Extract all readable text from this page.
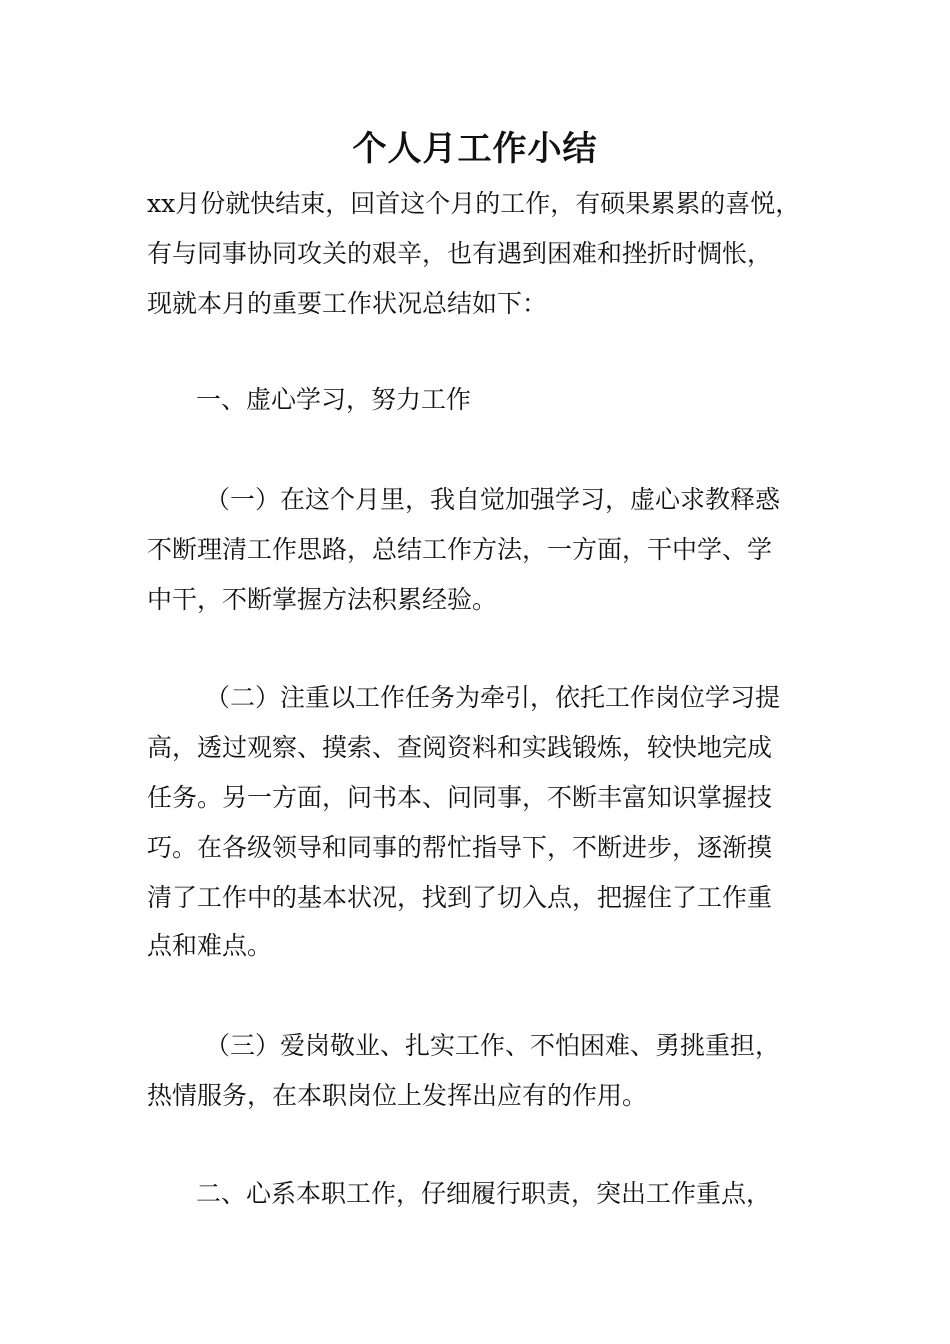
个人月工作小结

xx月份就快结束，回首这个月的工作，有硕果累累的喜悦，

有与同事协同攻关的艰辛，也有遇到困难和挫折时惆怅，

现就本月的重要工作状况总结如下：

一、虚心学习，努力工作

（一）在这个月里，我自觉加强学习，虚心求教释惑

不断理清工作思路，总结工作方法，一方面，干中学、学

中干，不断掌握方法积累经验。

（二）注重以工作任务为牵引，依托工作岗位学习提

高，透过观察、摸索、查阅资料和实践锻炼，较快地完成

任务。另一方面，问书本、问同事，不断丰富知识掌握技

巧。在各级领导和同事的帮忙指导下，不断进步，逐渐摸

清了工作中的基本状况，找到了切入点，把握住了工作重

点和难点。

（三）爱岗敬业、扎实工作、不怕困难、勇挑重担，

热情服务，在本职岗位上发挥出应有的作用。

二、心系本职工作，仔细履行职责，突出工作重点，
